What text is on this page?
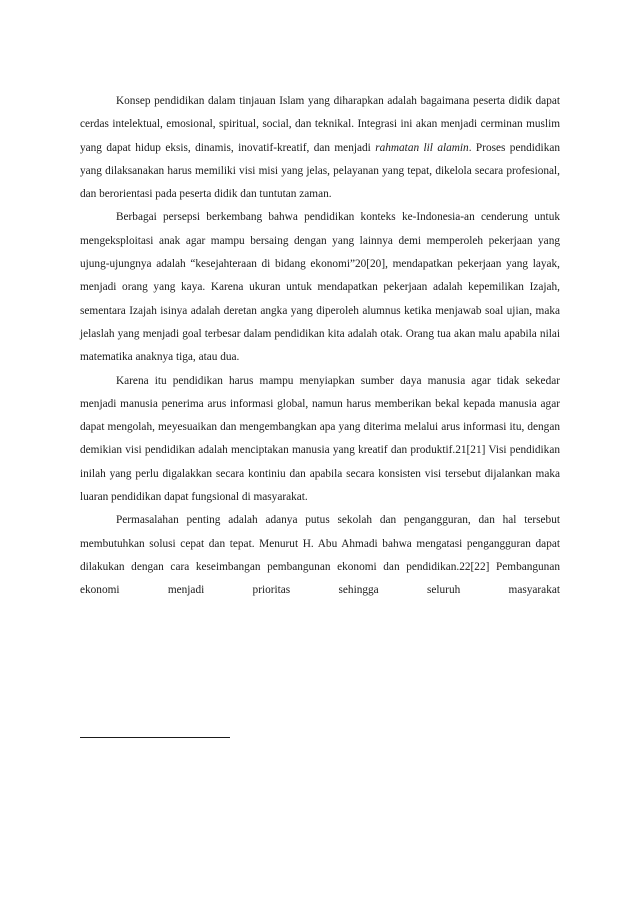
Konsep pendidikan dalam tinjauan Islam yang diharapkan adalah bagaimana peserta didik dapat cerdas intelektual, emosional, spiritual, social, dan teknikal. Integrasi ini akan menjadi cerminan muslim yang dapat hidup eksis, dinamis, inovatif-kreatif, dan menjadi rahmatan lil alamin. Proses pendidikan yang dilaksanakan harus memiliki visi misi yang jelas, pelayanan yang tepat, dikelola secara profesional, dan berorientasi pada peserta didik dan tuntutan zaman.

Berbagai persepsi berkembang bahwa pendidikan konteks ke-Indonesia-an cenderung untuk mengeksploitasi anak agar mampu bersaing dengan yang lainnya demi memperoleh pekerjaan yang ujung-ujungnya adalah “kesejahteraan di bidang ekonomi”20[20], mendapatkan pekerjaan yang layak, menjadi orang yang kaya. Karena ukuran untuk mendapatkan pekerjaan adalah kepemilikan Izajah, sementara Izajah isinya adalah deretan angka yang diperoleh alumnus ketika menjawab soal ujian, maka jelaslah yang menjadi goal terbesar dalam pendidikan kita adalah otak. Orang tua akan malu apabila nilai matematika anaknya tiga, atau dua.

Karena itu pendidikan harus mampu menyiapkan sumber daya manusia agar tidak sekedar menjadi manusia penerima arus informasi global, namun harus memberikan bekal kepada manusia agar dapat mengolah, meyesuaikan dan mengembangkan apa yang diterima melalui arus informasi itu, dengan demikian visi pendidikan adalah menciptakan manusia yang kreatif dan produktif.21[21] Visi pendidikan inilah yang perlu digalakkan secara kontiniu dan apabila secara konsisten visi tersebut dijalankan maka luaran pendidikan dapat fungsional di masyarakat.

Permasalahan penting adalah adanya putus sekolah dan pengangguran, dan hal tersebut membutuhkan solusi cepat dan tepat. Menurut H. Abu Ahmadi bahwa mengatasi pengangguran dapat dilakukan dengan cara keseimbangan pembangunan ekonomi dan pendidikan.22[22] Pembangunan ekonomi menjadi prioritas sehingga seluruh masyarakat
